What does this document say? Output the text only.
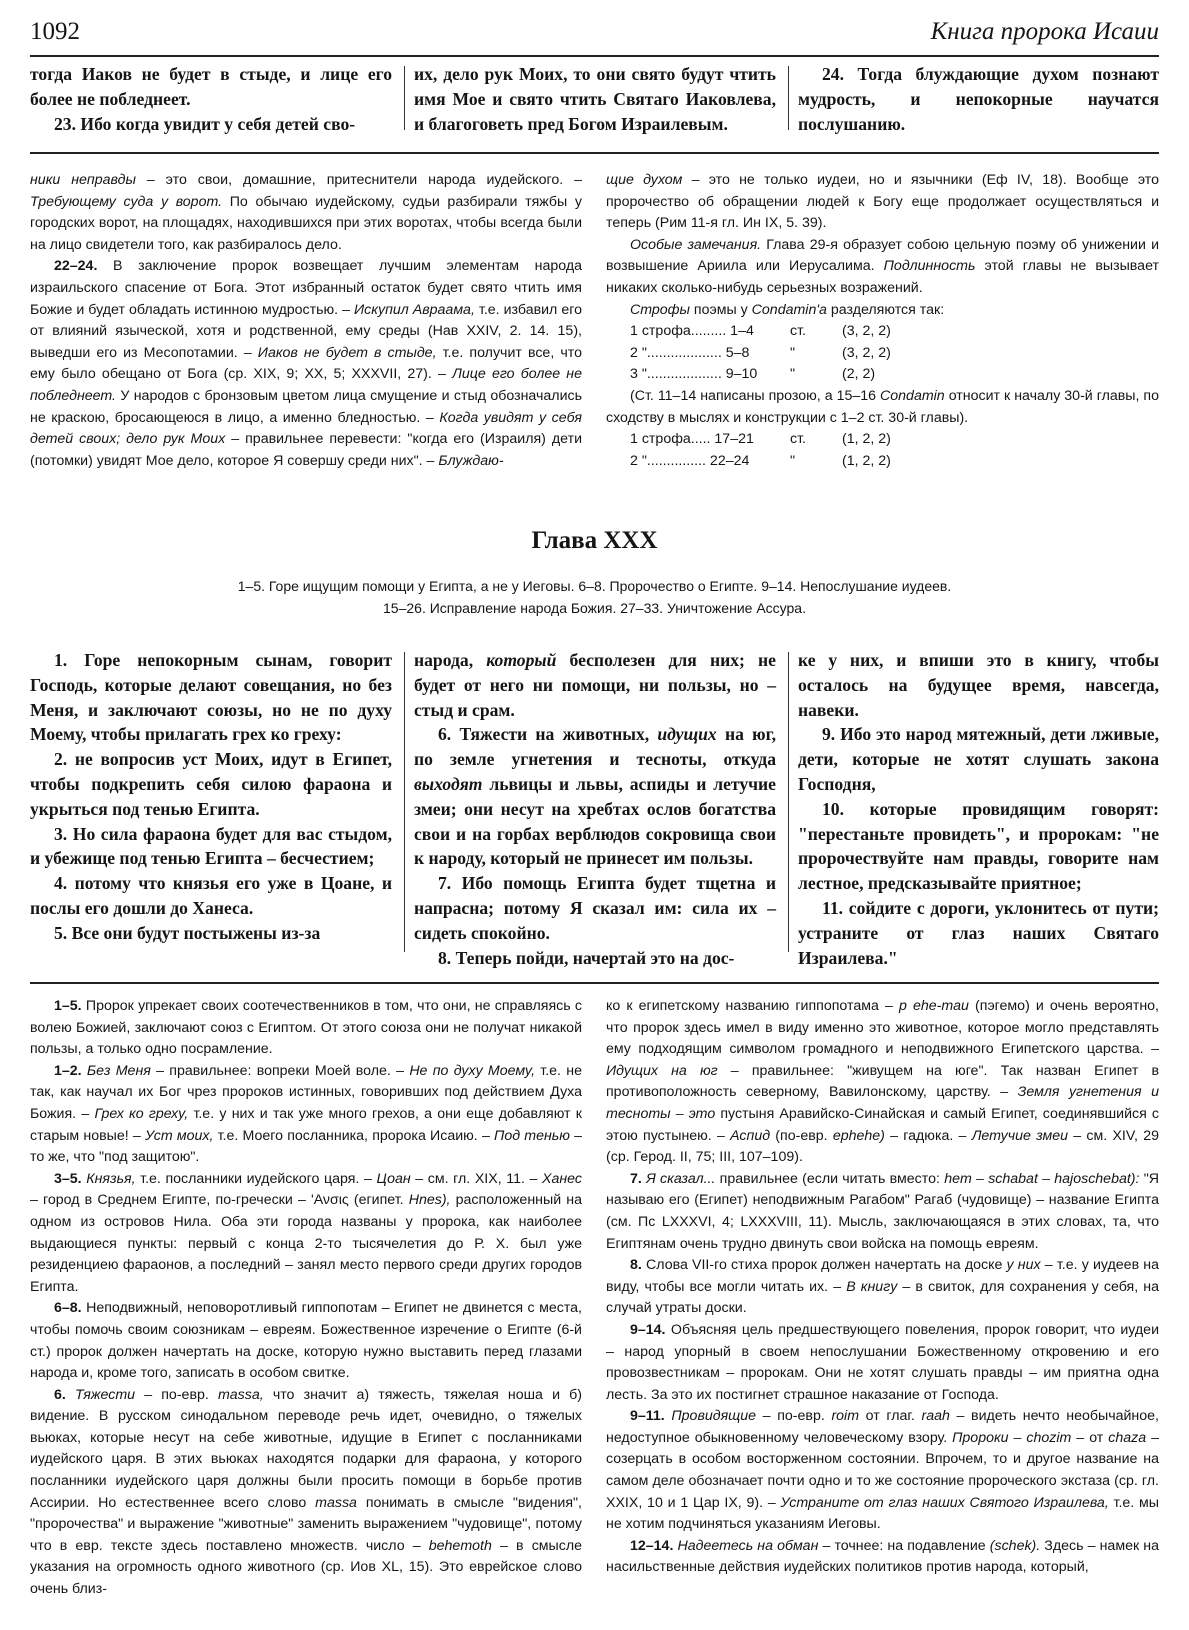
1092	Книга пророка Исаии

тогда Иаков не будет в стыде, и лице его более не побледнеет.

23. Ибо когда увидит у себя детей сво-

их, дело рук Моих, то они свято будут чтить имя Мое и свято чтить Святаго Иаковлева, и благоговеть пред Богом Израилевым.

24. Тогда блуждающие духом познают мудрость, и непокорные научатся послушанию.

ники неправды – это свои, домашние, притеснители народа иудейского. – Требующему суда у ворот. По обычаю иудейскому, судьи разбирали тяжбы у городских ворот, на площадях, находившихся при этих воротах, чтобы всегда были на лицо свидетели того, как разбиралось дело.

22–24. В заключение пророк возвещает лучшим элементам народа израильского спасение от Бога. Этот избранный остаток будет свято чтить имя Божие и будет обладать истинною мудростью. – Искупил Авраама, т.е. избавил его от влияний языческой, хотя и родственной, ему среды (Нав XXIV, 2. 14. 15), выведши его из Месопотамии. – Иаков не будет в стыде, т.е. получит все, что ему было обещано от Бога (ср. XIX, 9; XX, 5; XXXVII, 27). – Лице его более не побледнеет. У народов с бронзовым цветом лица смущение и стыд обозначались не краскою, бросающеюся в лицо, а именно бледностью. – Когда увидят у себя детей своих; дело рук Моих – правильнее перевести: "когда его (Израиля) дети (потомки) увидят Мое дело, которое Я совершу среди них". – Блуждаю-

щие духом – это не только иудеи, но и язычники (Еф IV, 18). Вообще это пророчество об обращении людей к Богу еще продолжает осуществляться и теперь (Рим 11-я гл. Ин IX, 5. 39).

Особые замечания. Глава 29-я образует собою цельную поэму об унижении и возвышение Ариила или Иерусалима. Подлинность этой главы не вызывает никаких сколько-нибудь серьезных возражений.

Строфы поэмы у Condamin'a разделяются так:

1 строфа......... 1–4	ст.	(3, 2, 2)
2 "................... 5–8	"	(3, 2, 2)
3 "................... 9–10	"	(2, 2)

(Ст. 11–14 написаны прозою, а 15–16 Condamin относит к началу 30-й главы, по сходству в мыслях и конструкции с 1–2 ст. 30-й главы).

1 строфа..... 17–21	ст.	(1, 2, 2)
2 "............... 22–24	"	(1, 2, 2)
Глава XXX
1–5. Горе ищущим помощи у Египта, а не у Иеговы. 6–8. Пророчество о Египте. 9–14. Непослушание иудеев.
15–26. Исправление народа Божия. 27–33. Уничтожение Ассура.

1. Горе непокорным сынам, говорит Господь, которые делают совещания, но без Меня, и заключают союзы, но не по духу Моему, чтобы прилагать грех ко греху:

2. не вопросив уст Моих, идут в Египет, чтобы подкрепить себя силою фараона и укрыться под тенью Египта.

3. Но сила фараона будет для вас стыдом, и убежище под тенью Египта – бесчестием;

4. потому что князья его уже в Цоане, и послы его дошли до Ханеса.

5. Все они будут постыжены из-за

народа, который бесполезен для них; не будет от него ни помощи, ни пользы, но – стыд и срам.

6. Тяжести на животных, идущих на юг, по земле угнетения и тесноты, откуда выходят львицы и львы, аспиды и летучие змеи; они несут на хребтах ослов богатства свои и на горбах верблюдов сокровища свои к народу, который не принесет им пользы.

7. Ибо помощь Египта будет тщетна и напрасна; потому Я сказал им: сила их – сидеть спокойно.

8. Теперь пойди, начертай это на дос-

ке у них, и впиши это в книгу, чтобы осталось на будущее время, навсегда, навеки.

9. Ибо это народ мятежный, дети лживые, дети, которые не хотят слушать закона Господня,

10. которые провидящим говорят: "перестаньте провидеть", и пророкам: "не пророчествуйте нам правды, говорите нам лестное, предсказывайте приятное;

11. сойдите с дороги, уклонитесь от пути; устраните от глаз наших Святаго Израилева."

1–5. Пророк упрекает своих соотечественников в том, что они, не справляясь с волею Божией, заключают союз с Египтом. От этого союза они не получат никакой пользы, а только одно посрамление.

1–2. Без Меня – правильнее: вопреки Моей воле. – Не по духу Моему, т.е. не так, как научал их Бог чрез пророков истинных, говоривших под действием Духа Божия. – Грех ко греху, т.е. у них и так уже много грехов, а они еще добавляют к старым новые! – Уст моих, т.е. Моего посланника, пророка Исаию. – Под тенью – то же, что "под защитою".

3–5. Князья, т.е. посланники иудейского царя. – Цоан – см. гл. XIX, 11. – Ханес – город в Среднем Египте, по-гречески – 'Ανσις (египет. Hnes), расположенный на одном из островов Нила. Оба эти города названы у пророка, как наиболее выдающиеся пункты: первый с конца 2-то тысячелетия до Р. Х. был уже резиденциею фараонов, а последний – занял место первого среди других городов Египта.

6–8. Неподвижный, неповоротливый гиппопотам – Египет не двинется с места, чтобы помочь своим союзникам – евреям. Божественное изречение о Египте (6-й ст.) пророк должен начертать на доске, которую нужно выставить перед глазами народа и, кроме того, записать в особом свитке.

6. Тяжести – по-евр. massa, что значит а) тяжесть, тяжелая ноша и б) видение. В русском синодальном переводе речь идет, очевидно, о тяжелых вьюках, которые несут на себе животные, идущие в Египет с посланниками иудейского царя. В этих вьюках находятся подарки для фараона, у которого посланники иудейского царя должны были просить помощи в борьбе против Ассирии. Но естественнее всего слово massa понимать в смысле "видения", "пророчества" и выражение "животные" заменить выражением "чудовище", потому что в евр. тексте здесь поставлено множеств. число – behemoth – в смысле указания на огромность одного животного (ср. Иов XL, 15). Это еврейское слово очень близ-

ко к египетскому названию гиппопотама – p ehe-mau (пэгемо) и очень вероятно, что пророк здесь имел в виду именно это животное, которое могло представлять ему подходящим символом громадного и неподвижного Египетского царства. – Идущих на юг – правильнее: "живущем на юге". Так назван Египет в противоположность северному, Вавилонскому, царству. – Земля угнетения и тесноты – это пустыня Аравийско-Синайская и самый Египет, соединявшийся с этою пустынею. – Аспид (по-евр. ephehe) – гадюка. – Летучие змеи – см. XIV, 29 (ср. Герод. II, 75; III, 107–109).

7. Я сказал... правильнее (если читать вместо: hem – schabat – hajoschebat): "Я называю его (Египет) неподвижным Рагабом" Рагаб (чудовище) – название Египта (см. Пс LXXXVI, 4; LXXXVIII, 11). Мысль, заключающаяся в этих словах, та, что Египтянам очень трудно двинуть свои войска на помощь евреям.

8. Слова VII-го стиха пророк должен начертать на доске у них – т.е. у иудеев на виду, чтобы все могли читать их. – В книгу – в свиток, для сохранения у себя, на случай утраты доски.

9–14. Объясняя цель предшествующего повеления, пророк говорит, что иудеи – народ упорный в своем непослушании Божественному откровению и его провозвестникам – пророкам. Они не хотят слушать правды – им приятна одна лесть. За это их постигнет страшное наказание от Господа.

9–11. Провидящие – по-евр. roim от глаг. raah – видеть нечто необычайное, недоступное обыкновенному человеческому взору. Пророки – chozim – от chaza – созерцать в особом восторженном состоянии. Впрочем, то и другое название на самом деле обозначает почти одно и то же состояние пророческого экстаза (ср. гл. XXIX, 10 и 1 Цар IX, 9). – Устраните от глаз наших Святого Израилева, т.е. мы не хотим подчиняться указаниям Иеговы.

12–14. Надеетесь на обман – точнее: на подавление (schek). Здесь – намек на насильственные действия иудейских политиков против народа, который,
